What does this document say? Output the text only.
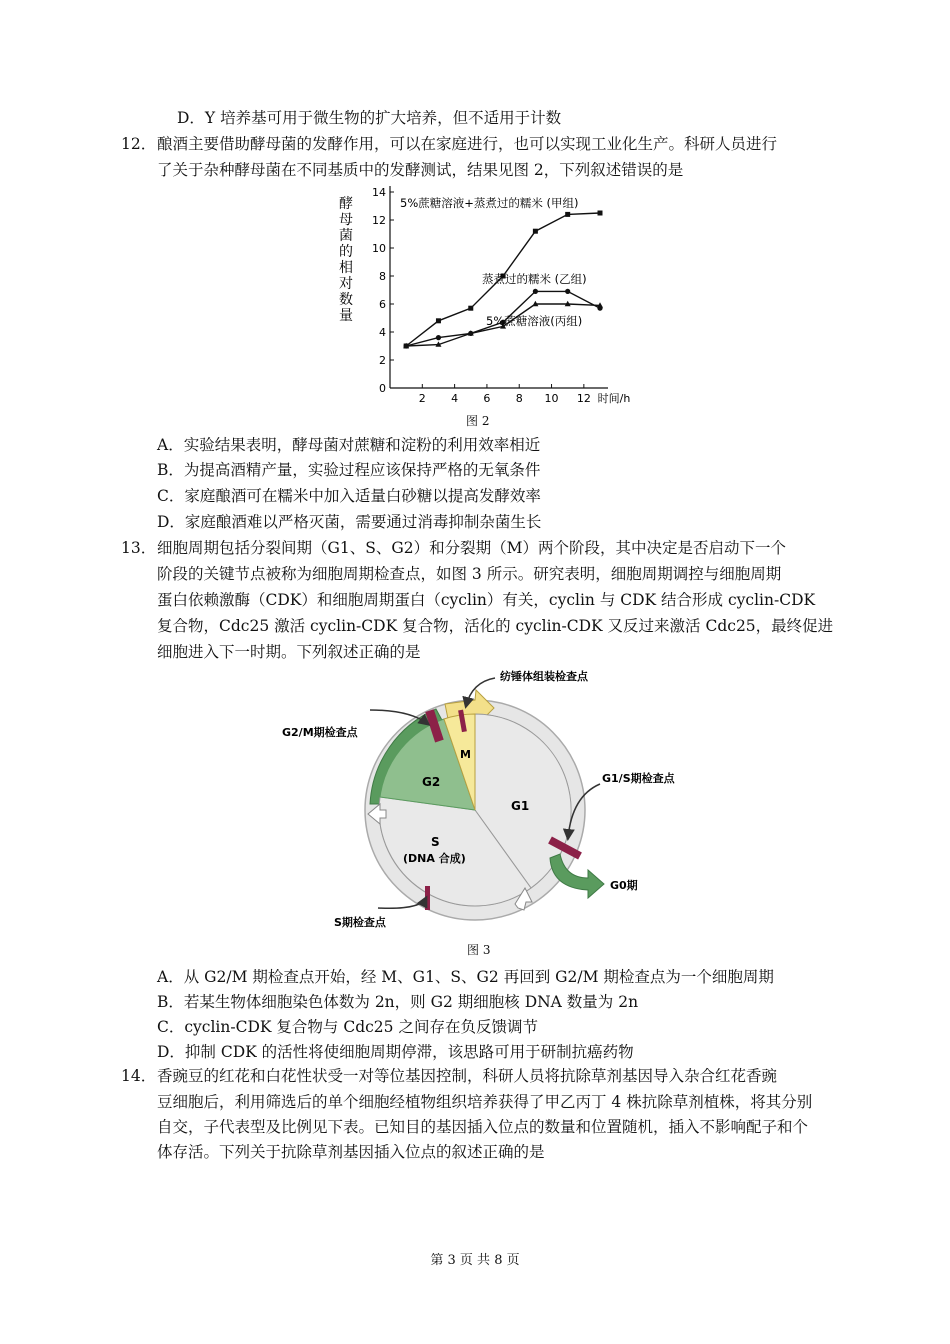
D．Y 培养基可用于微生物的扩大培养，但不适用于计数
12． 酿酒主要借助酵母菌的发酵作用，可以在家庭进行，也可以实现工业化生产。科研人员进行
了关于杂种酵母菌在不同基质中的发酵测试，结果见图 2，下列叙述错误的是
酵
母
菌
的
相
对
数
量
0
2
4
6
8
10
12
14
2 4 6 8 10 12 时间/h
5%蔗糖溶液+蒸煮过的糯米 (甲组)
蒸煮过的糯米 (乙组)
5%蔗糖溶液(丙组)
图 2
A．实验结果表明，酵母菌对蔗糖和淀粉的利用效率相近
B．为提高酒精产量，实验过程应该保持严格的无氧条件
C．家庭酿酒可在糯米中加入适量白砂糖以提高发酵效率
D．家庭酿酒难以严格灭菌，需要通过消毒抑制杂菌生长
13． 细胞周期包括分裂间期（G1、S、G2）和分裂期（M）两个阶段，其中决定是否启动下一个
阶段的关键节点被称为细胞周期检查点，如图 3 所示。研究表明，细胞周期调控与细胞周期
蛋白依赖激酶（CDK）和细胞周期蛋白（cyclin）有关，cyclin 与 CDK 结合形成 cyclin-CDK
复合物，Cdc25 激活 cyclin-CDK 复合物，活化的 cyclin-CDK 又反过来激活 Cdc25，最终促进
细胞进入下一时期。下列叙述正确的是
纺锤体组装检查点
G2/M期检查点
G1/S期检查点
S期检查点
M
G2
G1
S
(DNA 合成)
G0期
图 3
A．从 G2/M 期检查点开始，经 M、G1、S、G2 再回到 G2/M 期检查点为一个细胞周期
B．若某生物体细胞染色体数为 2n，则 G2 期细胞核 DNA 数量为 2n
C．cyclin-CDK 复合物与 Cdc25 之间存在负反馈调节
D．抑制 CDK 的活性将使细胞周期停滞，该思路可用于研制抗癌药物
14． 香豌豆的红花和白花性状受一对等位基因控制，科研人员将抗除草剂基因导入杂合红花香豌
豆细胞后，利用筛选后的单个细胞经植物组织培养获得了甲乙丙丁 4 株抗除草剂植株，将其分别
自交，子代表型及比例见下表。已知目的基因插入位点的数量和位置随机，插入不影响配子和个
体存活。下列关于抗除草剂基因插入位点的叙述正确的是
第 3 页 共 8 页
